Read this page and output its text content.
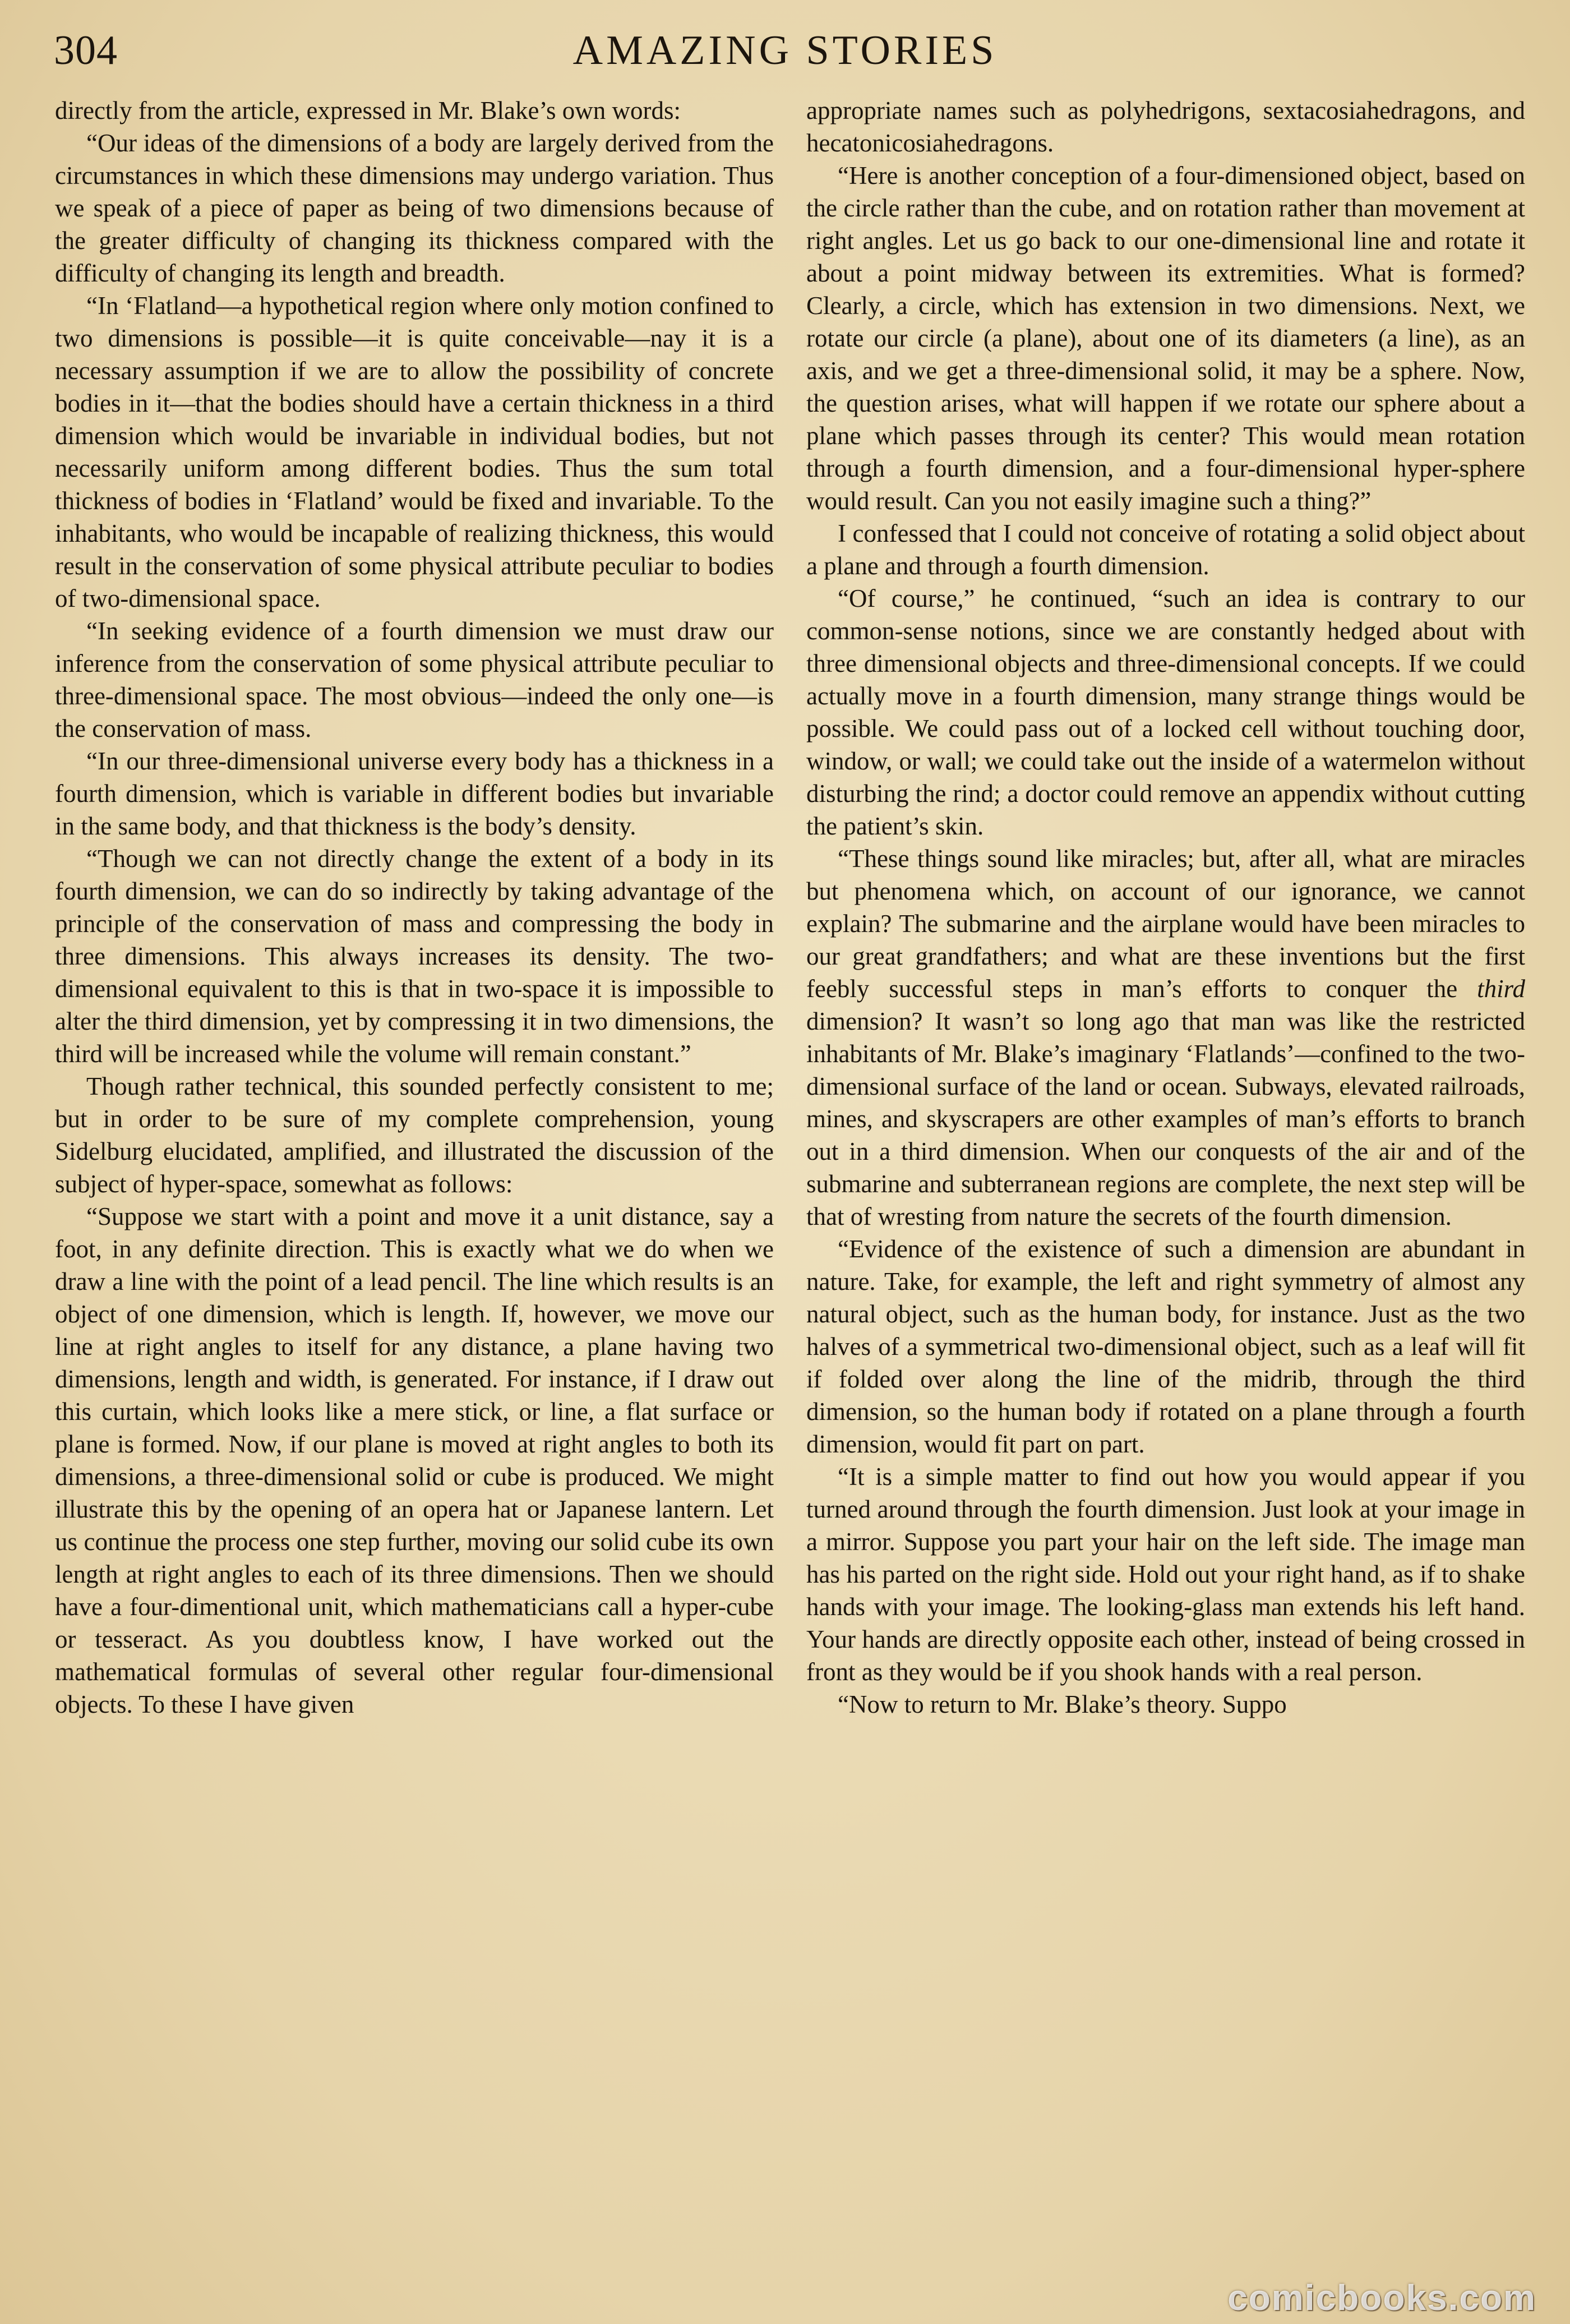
304	AMAZING STORIES

directly from the article, expressed in Mr. Blake’s own words:

“Our ideas of the dimensions of a body are largely derived from the circumstances in which these dimensions may undergo variation. Thus we speak of a piece of paper as being of two dimensions because of the greater difficulty of changing its thickness compared with the difficulty of changing its length and breadth.

“In ‘Flatland—a hypothetical region where only motion confined to two dimensions is possible—it is quite conceivable—nay it is a necessary assumption if we are to allow the possibility of concrete bodies in it—that the bodies should have a certain thickness in a third dimension which would be invariable in individual bodies, but not necessarily uniform among different bodies. Thus the sum total thickness of bodies in ‘Flatland’ would be fixed and invariable. To the inhabitants, who would be incapable of realizing thickness, this would result in the conservation of some physical attribute peculiar to bodies of two-dimensional space.

“In seeking evidence of a fourth dimension we must draw our inference from the conservation of some physical attribute peculiar to three-dimensional space. The most obvious—indeed the only one—is the conservation of mass.

“In our three-dimensional universe every body has a thickness in a fourth dimension, which is variable in different bodies but invariable in the same body, and that thickness is the body’s density.

“Though we can not directly change the extent of a body in its fourth dimension, we can do so indirectly by taking advantage of the principle of the conservation of mass and compressing the body in three dimensions. This always increases its density. The two-dimensional equivalent to this is that in two-space it is impossible to alter the third dimension, yet by compressing it in two dimensions, the third will be increased while the volume will remain constant.”

Though rather technical, this sounded perfectly consistent to me; but in order to be sure of my complete comprehension, young Sidelburg elucidated, amplified, and illustrated the discussion of the subject of hyper-space, somewhat as follows:

“Suppose we start with a point and move it a unit distance, say a foot, in any definite direction. This is exactly what we do when we draw a line with the point of a lead pencil. The line which results is an object of one dimension, which is length. If, however, we move our line at right angles to itself for any distance, a plane having two dimensions, length and width, is generated. For instance, if I draw out this curtain, which looks like a mere stick, or line, a flat surface or plane is formed. Now, if our plane is moved at right angles to both its dimensions, a three-dimensional solid or cube is produced. We might illustrate this by the opening of an opera hat or Japanese lantern. Let us continue the process one step further, moving our solid cube its own length at right angles to each of its three dimensions. Then we should have a four-dimentional unit, which mathematicians call a hyper-cube or tesseract. As you doubtless know, I have worked out the mathematical formulas of several other regular four-dimensional objects. To these I have given

appropriate names such as polyhedrigons, sextacosiahedragons, and hecatonicosiahedragons.

“Here is another conception of a four-dimensioned object, based on the circle rather than the cube, and on rotation rather than movement at right angles. Let us go back to our one-dimensional line and rotate it about a point midway between its extremities. What is formed? Clearly, a circle, which has extension in two dimensions. Next, we rotate our circle (a plane), about one of its diameters (a line), as an axis, and we get a three-dimensional solid, it may be a sphere. Now, the question arises, what will happen if we rotate our sphere about a plane which passes through its center? This would mean rotation through a fourth dimension, and a four-dimensional hyper-sphere would result. Can you not easily imagine such a thing?”

I confessed that I could not conceive of rotating a solid object about a plane and through a fourth dimension.

“Of course,” he continued, “such an idea is contrary to our common-sense notions, since we are constantly hedged about with three dimensional objects and three-dimensional concepts. If we could actually move in a fourth dimension, many strange things would be possible. We could pass out of a locked cell without touching door, window, or wall; we could take out the inside of a watermelon without disturbing the rind; a doctor could remove an appendix without cutting the patient’s skin.

“These things sound like miracles; but, after all, what are miracles but phenomena which, on account of our ignorance, we cannot explain? The submarine and the airplane would have been miracles to our great grandfathers; and what are these inventions but the first feebly successful steps in man’s efforts to conquer the third dimension? It wasn’t so long ago that man was like the restricted inhabitants of Mr. Blake’s imaginary ‘Flatlands’—confined to the two-dimensional surface of the land or ocean. Subways, elevated railroads, mines, and skyscrapers are other examples of man’s efforts to branch out in a third dimension. When our conquests of the air and of the submarine and subterranean regions are complete, the next step will be that of wresting from nature the secrets of the fourth dimension.

“Evidence of the existence of such a dimension are abundant in nature. Take, for example, the left and right symmetry of almost any natural object, such as the human body, for instance. Just as the two halves of a symmetrical two-dimensional object, such as a leaf will fit if folded over along the line of the midrib, through the third dimension, so the human body if rotated on a plane through a fourth dimension, would fit part on part.

“It is a simple matter to find out how you would appear if you turned around through the fourth dimension. Just look at your image in a mirror. Suppose you part your hair on the left side. The image man has his parted on the right side. Hold out your right hand, as if to shake hands with your image. The looking-glass man extends his left hand. Your hands are directly opposite each other, instead of being crossed in front as they would be if you shook hands with a real person.

“Now to return to Mr. Blake’s theory. Suppo

comicbooks.com
